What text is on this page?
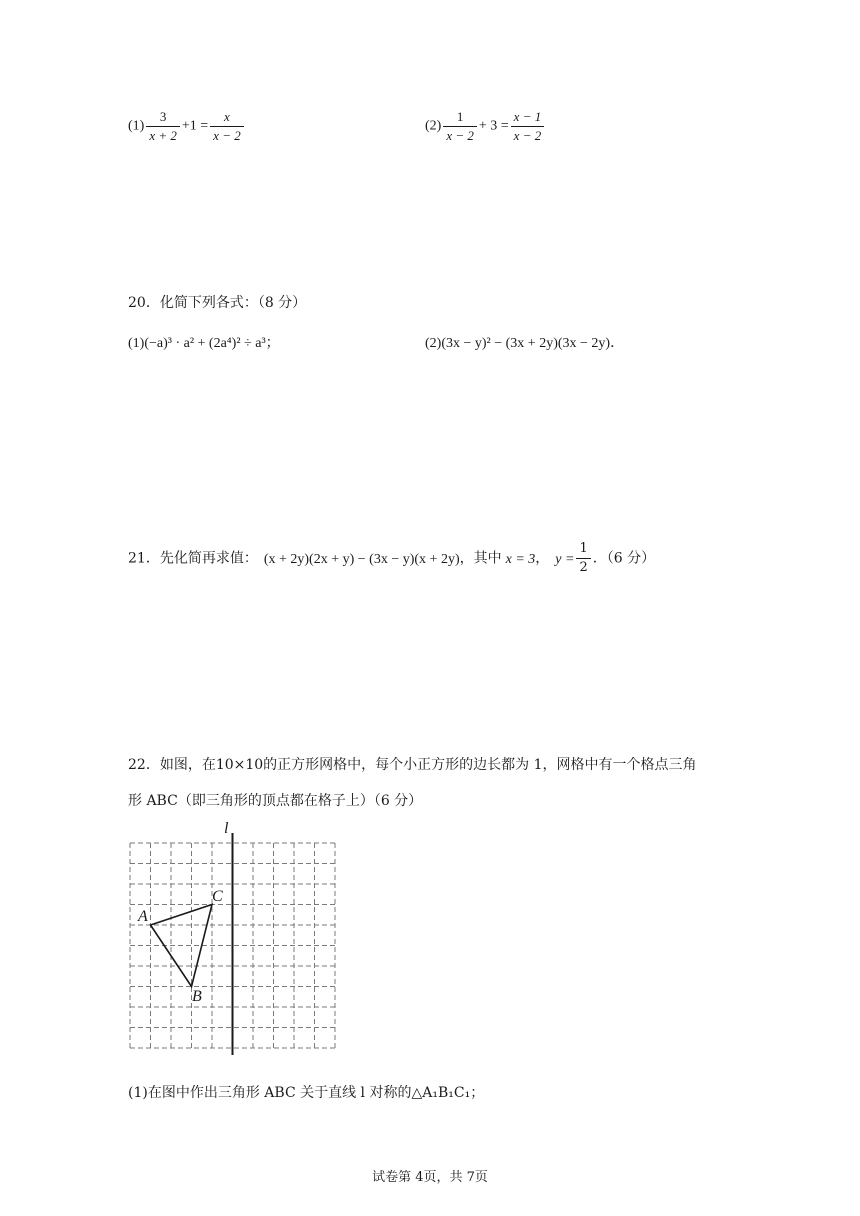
$(1) \frac{3}{x + 2} +1 = \frac{x}{x - 2}$	$(2) \frac{1}{x - 2} + 3 = \frac{x - 1}{x - 2}$
20．化简下列各式：（8 分）
(1)(−a)³ · a² + (2a⁴)² ÷ a³；	(2)(3x − y)² − (3x + 2y)(3x − 2y)．
21．先化简再求值： (x + 2y)(2x + y) − (3x − y)(x + 2y)，其中 x = 3， $y = \frac{1}{2}$ ．（6 分）
22．如图，在10×10的正方形网格中，每个小正方形的边长都为 1，网格中有一个格点三角
形 ABC（即三角形的顶点都在格子上）（6 分）
l
A
B
C
(1)在图中作出三角形 ABC 关于直线 l 对称的△A₁B₁C₁；
试卷第 4页，共 7页
